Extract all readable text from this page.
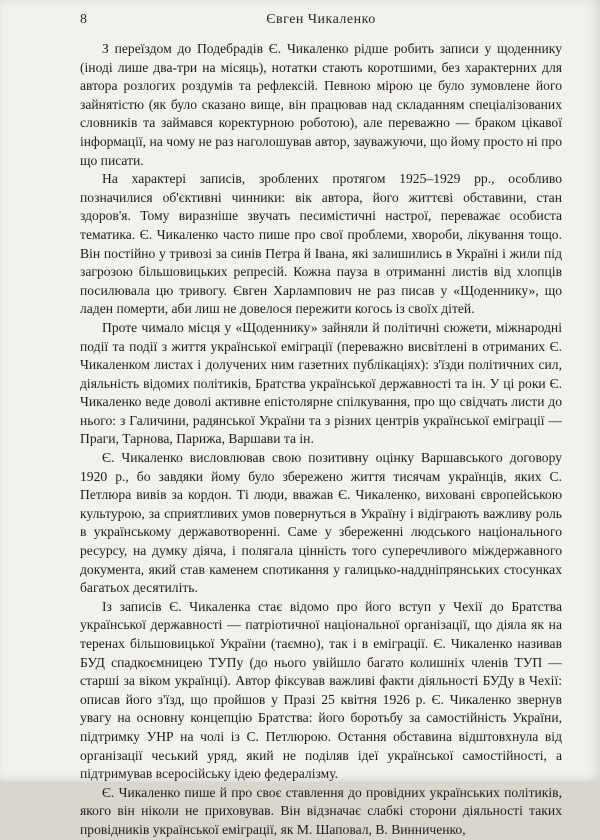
8	Євген Чикаленко

З переїздом до Подебрадів Є. Чикаленко рідше робить записи у щоденнику (іноді лише два-три на місяць), нотатки стають коротшими, без характерних для автора розлогих роздумів та рефлексій. Певною мірою це було зумовлене його зайнятістю (як було сказано вище, він працював над складанням спеціалізованих словників та займався коректурною роботою), але переважно — браком цікавої інформації, на чому не раз наголошував автор, зауважуючи, що йому просто ні про що писати.

На характері записів, зроблених протягом 1925–1929 рр., особливо позначилися об'єктивні чинники: вік автора, його життєві обставини, стан здоров'я. Тому виразніше звучать песимістичні настрої, переважає особиста тематика. Є. Чикаленко часто пише про свої проблеми, хвороби, лікування тощо. Він постійно у тривозі за синів Петра й Івана, які залишились в Україні і жили під загрозою більшовицьких репресій. Кожна пауза в отриманні листів від хлопців посилювала цю тривогу. Євген Харлампович не раз писав у «Щоденнику», що ладен померти, аби лиш не довелося пережити когось із своїх дітей.

Проте чимало місця у «Щоденнику» зайняли й політичні сюжети, міжнародні події та події з життя української еміграції (переважно висвітлені в отриманих Є. Чикаленком листах і долучених ним газетних публікаціях): з'їзди політичних сил, діяльність відомих політиків, Братства української державності та ін. У ці роки Є. Чикаленко веде доволі активне епістолярне спілкування, про що свідчать листи до нього: з Галичини, радянської України та з різних центрів української еміграції — Праги, Тарнова, Парижа, Варшави та ін.

Є. Чикаленко висловлював свою позитивну оцінку Варшавського договору 1920 р., бо завдяки йому було збережено життя тисячам українців, яких С. Петлюра вивів за кордон. Ті люди, вважав Є. Чикаленко, виховані європейською культурою, за сприятливих умов повернуться в Україну і відіграють важливу роль в українському державотворенні. Саме у збереженні людського національного ресурсу, на думку діяча, і полягала цінність того суперечливого міждержавного документа, який став каменем спотикання у галицько-наддніпрянських стосунках багатьох десятиліть.

Із записів Є. Чикаленка стає відомо про його вступ у Чехії до Братства української державності — патріотичної національної організації, що діяла як на теренах більшовицької України (таємно), так і в еміграції. Є. Чикаленко називав БУД спадкоємницею ТУПу (до нього увійшло багато колишніх членів ТУП — старші за віком українці). Автор фіксував важливі факти діяльності БУДу в Чехії: описав його з'їзд, що пройшов у Празі 25 квітня 1926 р. Є. Чикаленко звернув увагу на основну концепцію Братства: його боротьбу за самостійність України, підтримку УНР на чолі із С. Петлюрою. Остання обставина відштовхнула від організації чеський уряд, який не поділяв ідеї української самостійності, а підтримував всеросійську ідею федералізму.

Є. Чикаленко пише й про своє ставлення до провідних українських політиків, якого він ніколи не приховував. Він відзначає слабкі сторони діяльності таких провідників української еміграції, як М. Шаповал, В. Винниченко,
